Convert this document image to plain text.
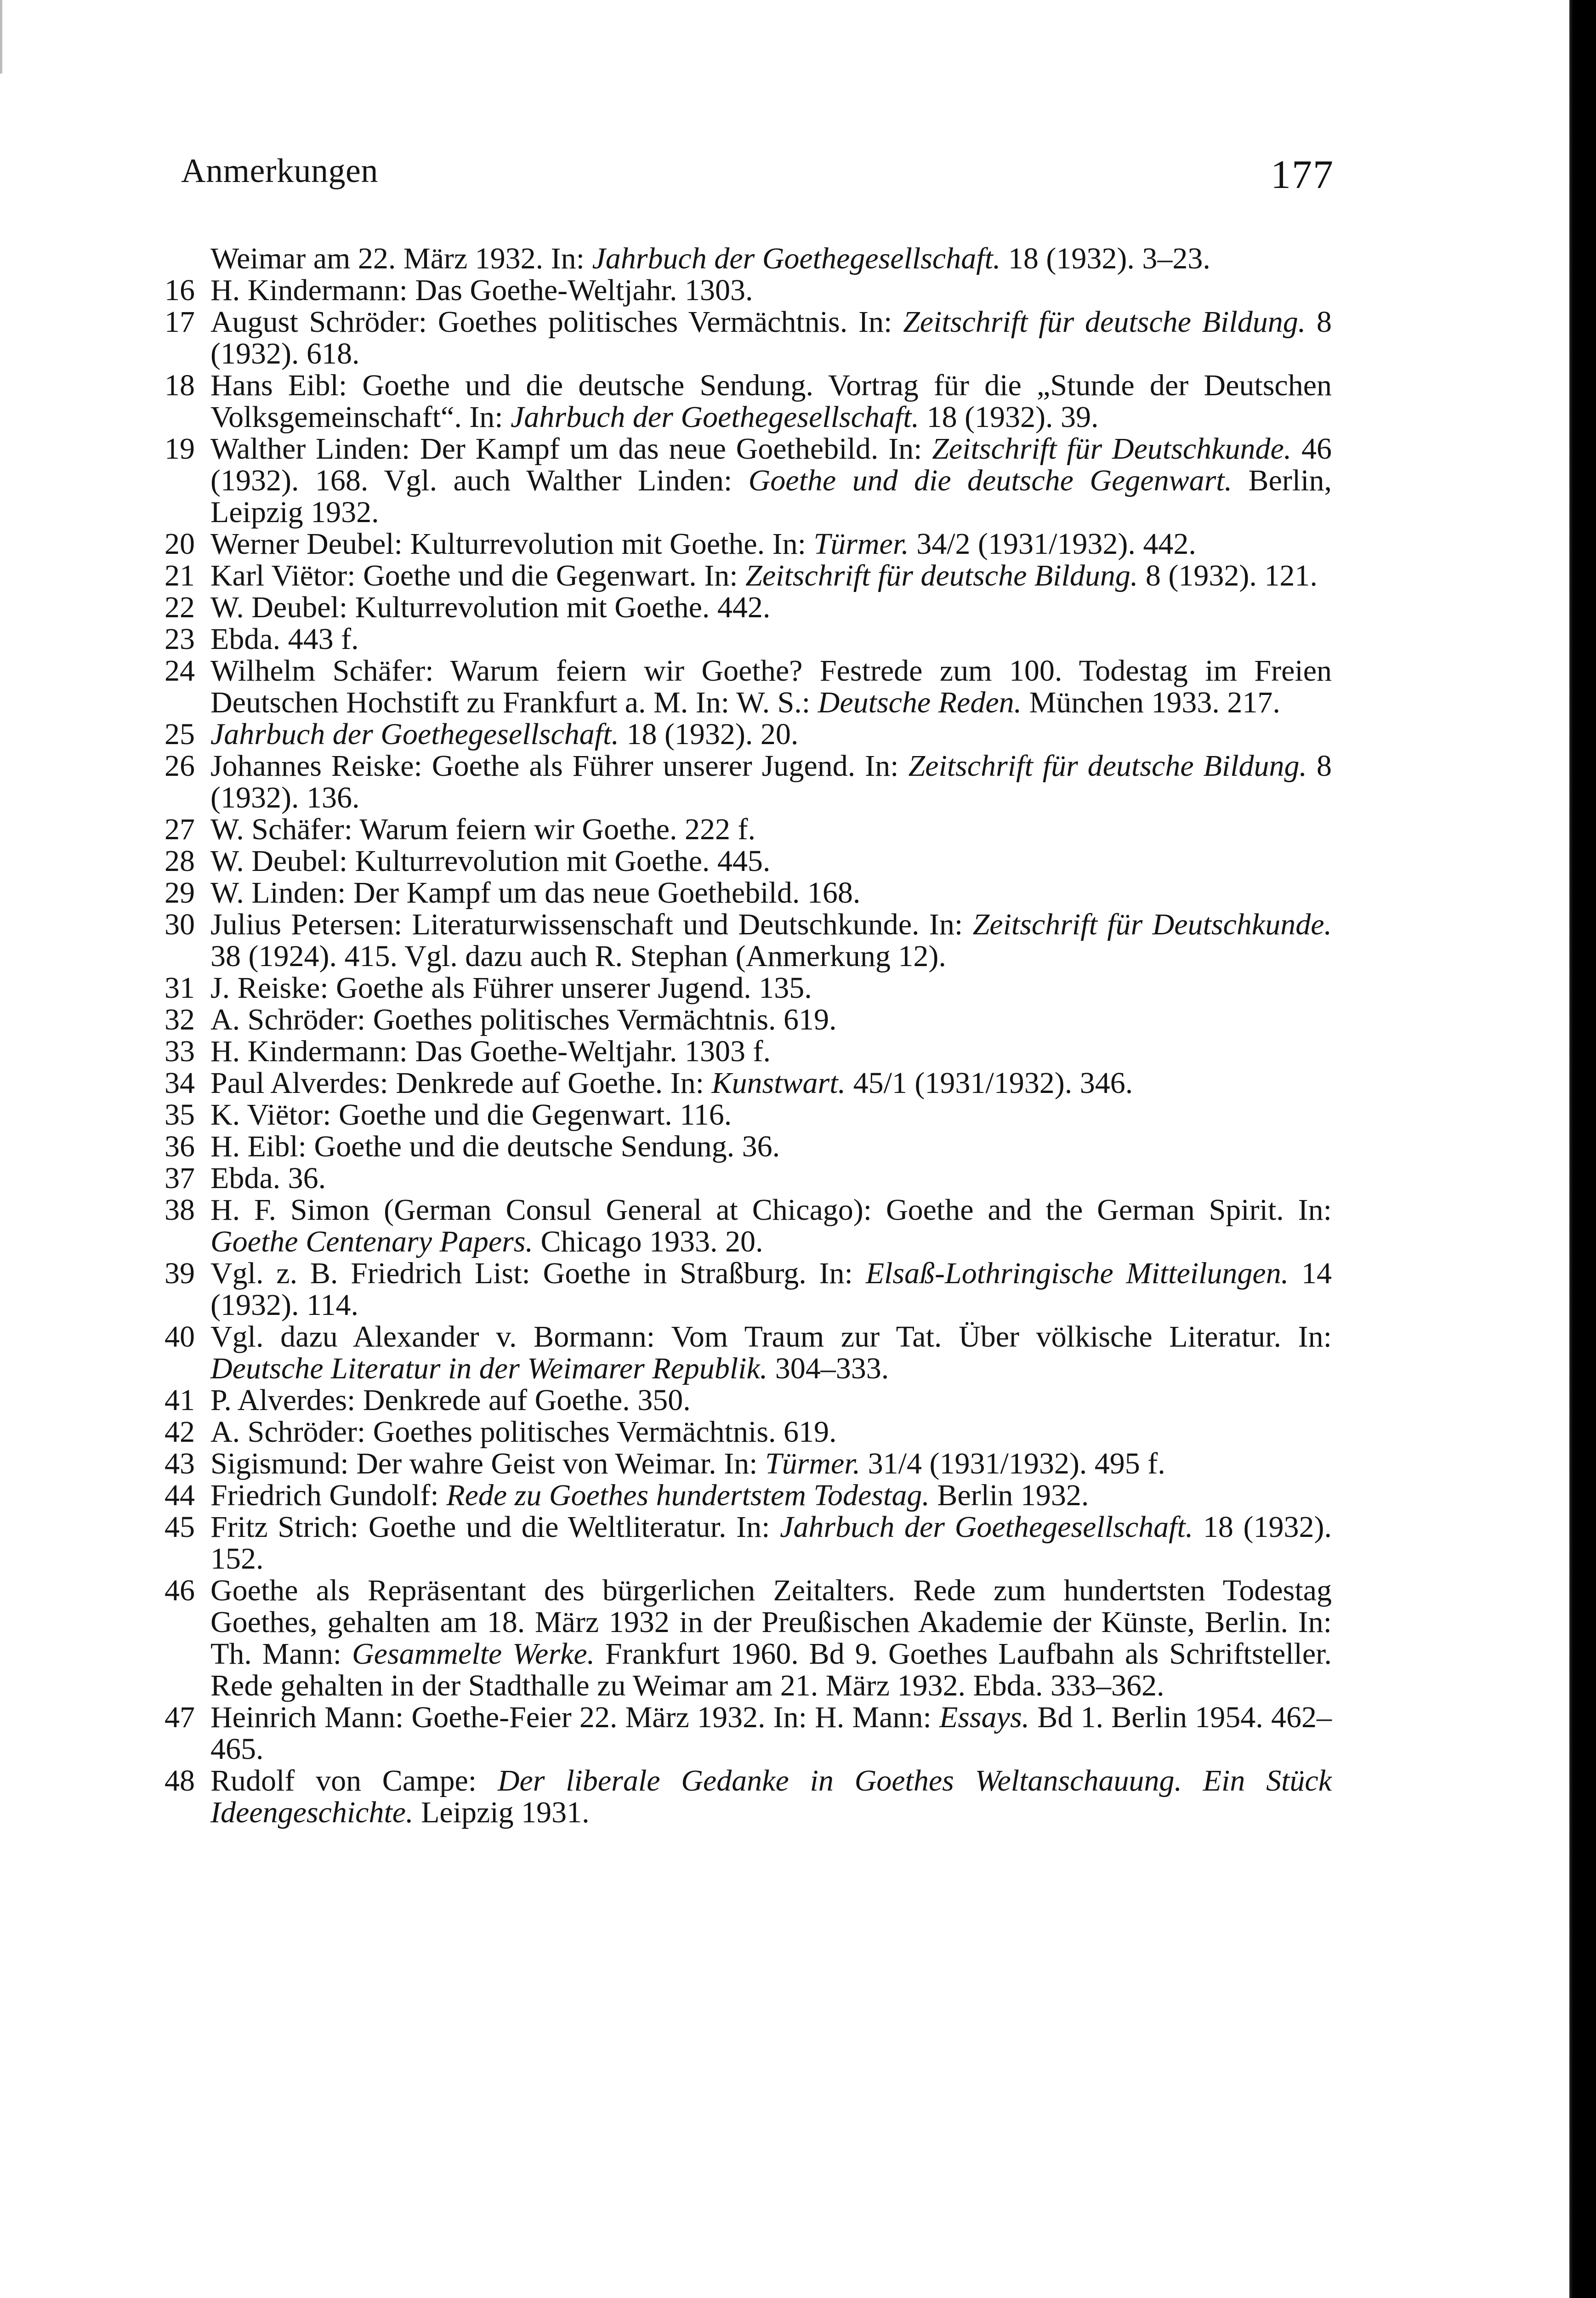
Anmerkungen	177
Weimar am 22. März 1932. In: Jahrbuch der Goethegesellschaft. 18 (1932). 3–23.
16 H. Kindermann: Das Goethe-Weltjahr. 1303.
17 August Schröder: Goethes politisches Vermächtnis. In: Zeitschrift für deutsche Bildung. 8 (1932). 618.
18 Hans Eibl: Goethe und die deutsche Sendung. Vortrag für die „Stunde der Deutschen Volksgemeinschaft“. In: Jahrbuch der Goethegesellschaft. 18 (1932). 39.
19 Walther Linden: Der Kampf um das neue Goethebild. In: Zeitschrift für Deutschkunde. 46 (1932). 168. Vgl. auch Walther Linden: Goethe und die deutsche Gegenwart. Berlin, Leipzig 1932.
20 Werner Deubel: Kulturrevolution mit Goethe. In: Türmer. 34/2 (1931/1932). 442.
21 Karl Viëtor: Goethe und die Gegenwart. In: Zeitschrift für deutsche Bildung. 8 (1932). 121.
22 W. Deubel: Kulturrevolution mit Goethe. 442.
23 Ebda. 443 f.
24 Wilhelm Schäfer: Warum feiern wir Goethe? Festrede zum 100. Todestag im Freien Deutschen Hochstift zu Frankfurt a. M. In: W. S.: Deutsche Reden. München 1933. 217.
25 Jahrbuch der Goethegesellschaft. 18 (1932). 20.
26 Johannes Reiske: Goethe als Führer unserer Jugend. In: Zeitschrift für deutsche Bildung. 8 (1932). 136.
27 W. Schäfer: Warum feiern wir Goethe. 222 f.
28 W. Deubel: Kulturrevolution mit Goethe. 445.
29 W. Linden: Der Kampf um das neue Goethebild. 168.
30 Julius Petersen: Literaturwissenschaft und Deutschkunde. In: Zeitschrift für Deutschkunde. 38 (1924). 415. Vgl. dazu auch R. Stephan (Anmerkung 12).
31 J. Reiske: Goethe als Führer unserer Jugend. 135.
32 A. Schröder: Goethes politisches Vermächtnis. 619.
33 H. Kindermann: Das Goethe-Weltjahr. 1303 f.
34 Paul Alverdes: Denkrede auf Goethe. In: Kunstwart. 45/1 (1931/1932). 346.
35 K. Viëtor: Goethe und die Gegenwart. 116.
36 H. Eibl: Goethe und die deutsche Sendung. 36.
37 Ebda. 36.
38 H. F. Simon (German Consul General at Chicago): Goethe and the German Spirit. In: Goethe Centenary Papers. Chicago 1933. 20.
39 Vgl. z. B. Friedrich List: Goethe in Straßburg. In: Elsaß-Lothringische Mitteilungen. 14 (1932). 114.
40 Vgl. dazu Alexander v. Bormann: Vom Traum zur Tat. Über völkische Literatur. In: Deutsche Literatur in der Weimarer Republik. 304–333.
41 P. Alverdes: Denkrede auf Goethe. 350.
42 A. Schröder: Goethes politisches Vermächtnis. 619.
43 Sigismund: Der wahre Geist von Weimar. In: Türmer. 31/4 (1931/1932). 495 f.
44 Friedrich Gundolf: Rede zu Goethes hundertstem Todestag. Berlin 1932.
45 Fritz Strich: Goethe und die Weltliteratur. In: Jahrbuch der Goethegesellschaft. 18 (1932). 152.
46 Goethe als Repräsentant des bürgerlichen Zeitalters. Rede zum hundertsten Todestag Goethes, gehalten am 18. März 1932 in der Preußischen Akademie der Künste, Berlin. In: Th. Mann: Gesammelte Werke. Frankfurt 1960. Bd 9. Goethes Laufbahn als Schriftsteller. Rede gehalten in der Stadthalle zu Weimar am 21. März 1932. Ebda. 333–362.
47 Heinrich Mann: Goethe-Feier 22. März 1932. In: H. Mann: Essays. Bd 1. Berlin 1954. 462–465.
48 Rudolf von Campe: Der liberale Gedanke in Goethes Weltanschauung. Ein Stück Ideengeschichte. Leipzig 1931.
